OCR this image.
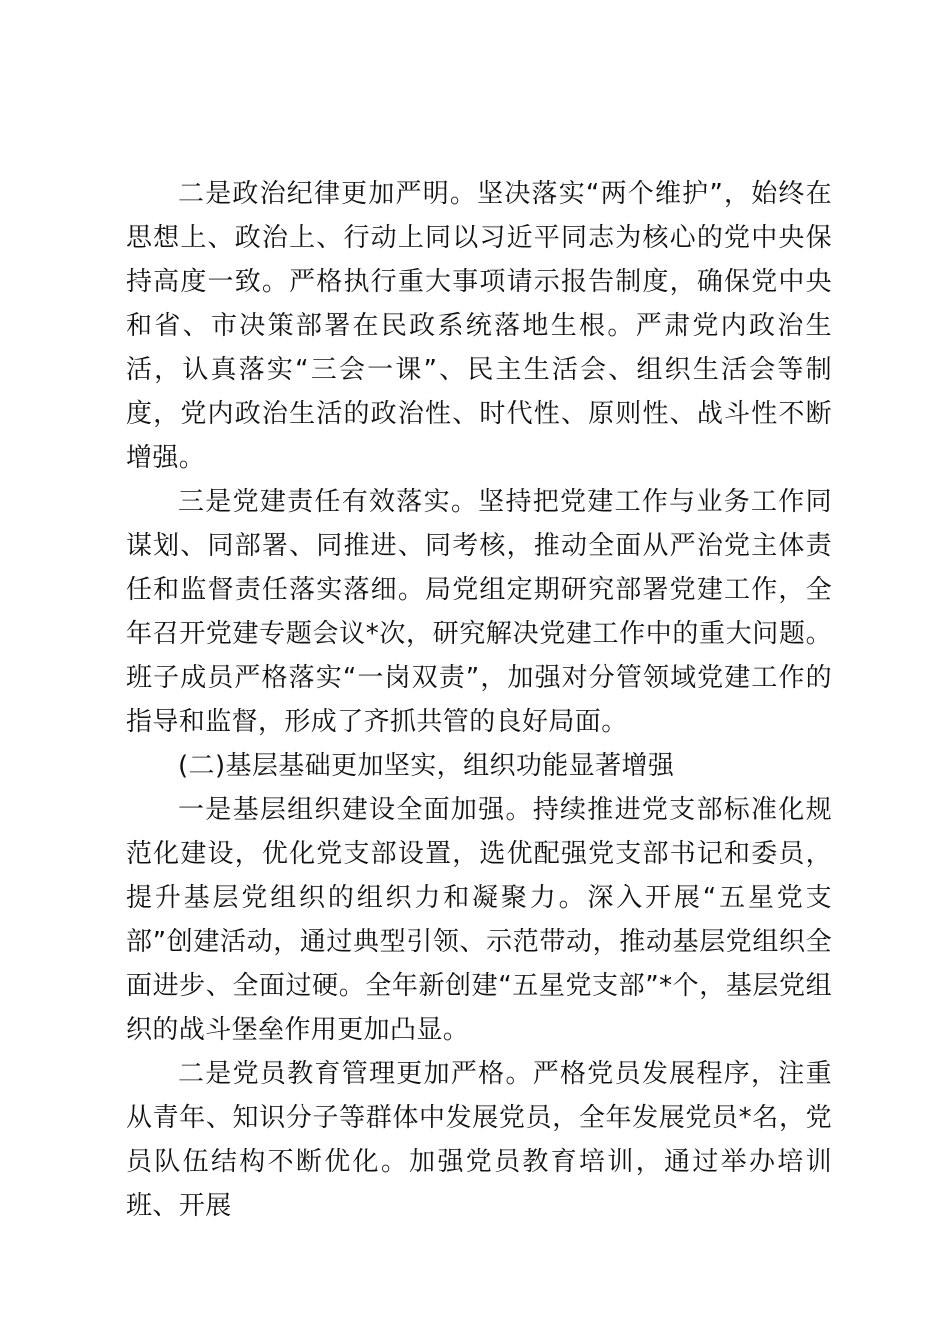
二是政治纪律更加严明。坚决落实“两个维护”，始终在思想上、政治上、行动上同以习近平同志为核心的党中央保持高度一致。严格执行重大事项请示报告制度，确保党中央和省、市决策部署在民政系统落地生根。严肃党内政治生活，认真落实“三会一课”、民主生活会、组织生活会等制度，党内政治生活的政治性、时代性、原则性、战斗性不断增强。

三是党建责任有效落实。坚持把党建工作与业务工作同谋划、同部署、同推进、同考核，推动全面从严治党主体责任和监督责任落实落细。局党组定期研究部署党建工作，全年召开党建专题会议*次，研究解决党建工作中的重大问题。班子成员严格落实“一岗双责”，加强对分管领域党建工作的指导和监督，形成了齐抓共管的良好局面。

(二)基层基础更加坚实，组织功能显著增强

一是基层组织建设全面加强。持续推进党支部标准化规范化建设，优化党支部设置，选优配强党支部书记和委员，提升基层党组织的组织力和凝聚力。深入开展“五星党支部”创建活动，通过典型引领、示范带动，推动基层党组织全面进步、全面过硬。全年新创建“五星党支部”*个，基层党组织的战斗堡垒作用更加凸显。

二是党员教育管理更加严格。严格党员发展程序，注重从青年、知识分子等群体中发展党员，全年发展党员*名，党员队伍结构不断优化。加强党员教育培训，通过举办培训班、开展
